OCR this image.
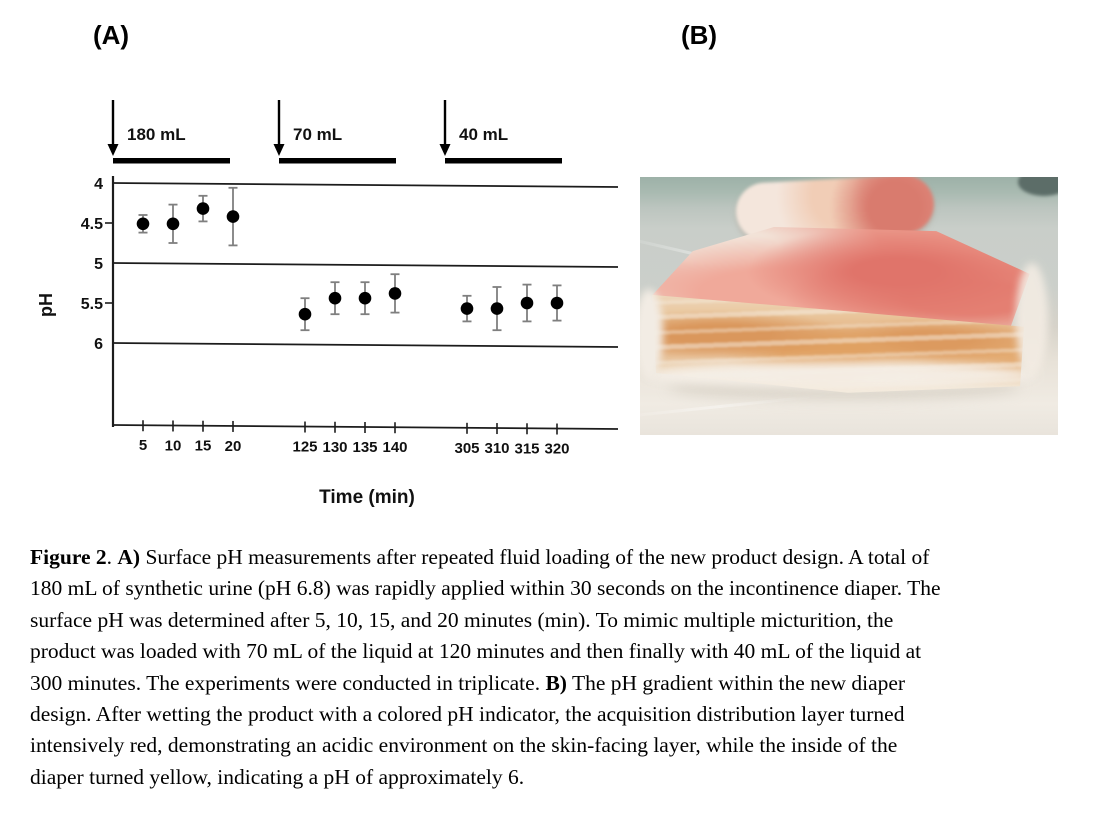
(A)	(B)
4
4.5
5
5.5
6
180 mL
5 10 15 20
70 mL
125 130 135 140
40 mL
305 310 315 320
pH
Time (min)
Figure 2. A) Surface pH measurements after repeated fluid loading of the new product design. A total of
180 mL of synthetic urine (pH 6.8) was rapidly applied within 30 seconds on the incontinence diaper. The
surface pH was determined after 5, 10, 15, and 20 minutes (min). To mimic multiple micturition, the
product was loaded with 70 mL of the liquid at 120 minutes and then finally with 40 mL of the liquid at
300 minutes. The experiments were conducted in triplicate. B) The pH gradient within the new diaper
design. After wetting the product with a colored pH indicator, the acquisition distribution layer turned
intensively red, demonstrating an acidic environment on the skin-facing layer, while the inside of the
diaper turned yellow, indicating a pH of approximately 6.
